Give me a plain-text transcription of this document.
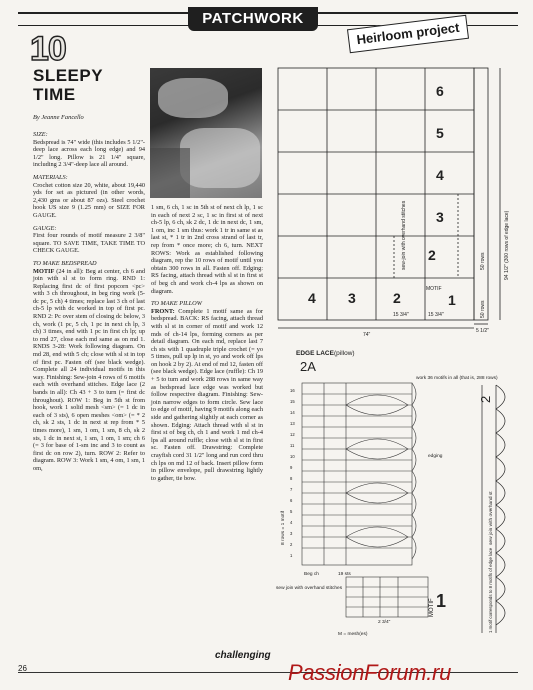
PATCHWORK
Heirloom project
10
SLEEPY
TIME
By Jeanne Fancello
SIZE:
Bedspread is 74" wide (this includes 5 1/2"-deep lace across each long edge) and 94 1/2" long. Pillow is 21 1/4" square, including 2 3/4"-deep lace all around.
MATERIALS:
Crochet cotton size 20, white, about 19,440 yds for set as pictured (in other words, 2,430 gms or about 87 ozs). Steel crochet hook US size 9 (1.25 mm) or SIZE FOR GAUGE.
GAUGE:
First four rounds of motif measure 2 3/8" square. TO SAVE TIME, TAKE TIME TO CHECK GAUGE.
TO MAKE BEDSPREAD
MOTIF (24 in all): Beg at center, ch 6 and join with sl st to form ring. RND 1: Replacing first dc of first popcorn <pc> with 3 ch throughout, in beg ring work (5-dc pc, 5 ch) 4 times; replace last 3 ch of last ch-5 lp with dc worked in top of first pc. RND 2: Pc over stem of closing dc below, 3 ch, work (1 pc, 5 ch, 1 pc in next ch lp, 3 ch) 3 times, end with 1 pc in first ch lp; up to rnd 27, close each md same as on md 1. RNDS 3-28: Work following diagram. On md 28, end with 5 ch; close with sl st in top of first pc. Fasten off (see black wedge). Complete all 24 individual motifs in this way. Finishing: Sew-join 4 rows of 6 motifs each with overhand stitches. Edge lace (2 bands in all): Ch 43 + 3 to turn (= first dc throughout). ROW 1: Beg in 5th st from hook, work 1 solid mesh <sm> (= 1 dc in each of 3 sts), 6 open meshes <om> (= * 2 ch, sk 2 sts, 1 dc in next st rep from * 5 times more), 1 sm, 1 om, 1 sm, 8 ch, sk 2 sts, 1 dc in next st, 1 sm, 1 om, 1 sm; ch 6 (= 3 for base of 1-sm inc and 3 to count as first dc on row 2), turn. ROW 2: Refer to diagram. ROW 3: Work 1 sm, 4 om, 1 sm, 1 om,
1 sm, 6 ch, 1 sc in 5th st of next ch lp, 1 sc in each of next 2 sc, 1 sc in first st of next ch-5 lp, 6 ch, sk 2 dc, 1 dc in next dc, 1 sm, 1 om, inc 1 sm thus: work 1 tr in same st as last st, * 1 tr in 2nd cross strand of last tr, rep from * once more; ch 6, turn. NEXT ROWS: Work as established following diagram, rep the 10 rows of motif until you obtain 300 rows in all. Fasten off. Edging: RS facing, attach thread with sl st in first st of beg ch and work ch-4 lps as shown on diagram.
TO MAKE PILLOW
FRONT: Complete 1 motif same as for bedspread. BACK: RS facing, attach thread with sl st in corner of motif and work 12 mds of ch-14 lps, forming corners as per detail diagram. On each md, replace last 7 ch sts with 1 quadruple triple crochet (= yo 5 times, pull up lp in st, yo and work off lps on hook 2 by 2). At end of md 12, fasten off (see black wedge). Edge lace (ruffle): Ch 19 + 5 to turn and work 288 rows in same way as bedspread lace edge was worked but follow respective diagram. Finishing: Sew-join narrow edges to form circle. Sew lace to edge of motif, having 9 motifs along each side and gathering slightly at each corner as shown. Edging: Attach thread with sl st in first st of beg ch, ch 1 and work 1 md ch-4 lps all around ruffle; close with sl st in first sc. Fasten off. Drawstring: Complete crayfish cord 31 1/2" long and run cord thru ch lps on md 12 of back. Insert pillow form in pillow envelope, pull drawstring lightly to gather, tie bow.
6
5
4
3
2
4 3	2	1
MOTIF
74"
15 3/4"	15 3/4"
5 1/2"
94 1/2" (300 rows of edge lace)
50 rows
50 rows
sew-join with overhand stitches
EDGE LACE (pillow)
2A
16
15
14
13
12
11
10
9
8
7
6
5
4
3
2
1
work 36 motifs in all (that is, 288 rows)
edging
8 rows = 1 motif
Beg ch	19 sts
sew join with overhand stitches
M = mesh(es)
2 3/4"
MOTIF 1
sew join with overhand st
1 motif corresponds to 8 motifs of edge lace
2
26
challenging
PassionForum.ru
